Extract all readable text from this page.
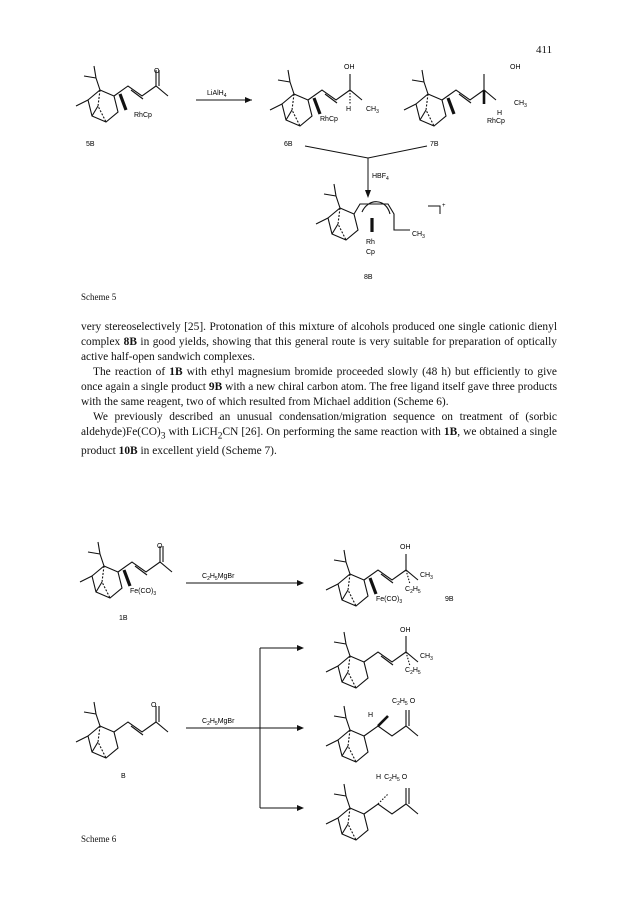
411
O
RhCp
5B
LiAlH$_4$
OH
H $CH_3$
RhCp
6B
OH
$CH_3$
H
RhCp
7B
$HBF_4$
+
$CH_3$
Rh
Cp
8B
Scheme 5

very stereoselectively [25]. Protonation of this mixture of alcohols produced one single cationic dienyl complex 8B in good yields, showing that this general route is very suitable for preparation of optically active half-open sandwich complexes.

The reaction of 1B with ethyl magnesium bromide proceeded slowly (48 h) but efficiently to give once again a single product 9B with a new chiral carbon atom. The free ligand itself gave three products with the same reagent, two of which resulted from Michael addition (Scheme 6).

We previously described an unusual condensation/migration sequence on treatment of (sorbic $aldehyde)Fe(CO)_3$ with LiCH$_2$CN [26]. On performing the same reaction with 1B, we obtained a single product 10B in excellent yield (Scheme 7).

O
$Fe(CO)_3$
1B
$C_2H_5MgBr$
OH
$CH_3$
$C_2H_5$
$Fe(CO)_3$	9B
O
B
$C_2H_5MgBr$
OH
$CH_3$
$C_2H_5$
$C_2H_5$ O
H
H $C_2H_5$ O
Scheme 6
